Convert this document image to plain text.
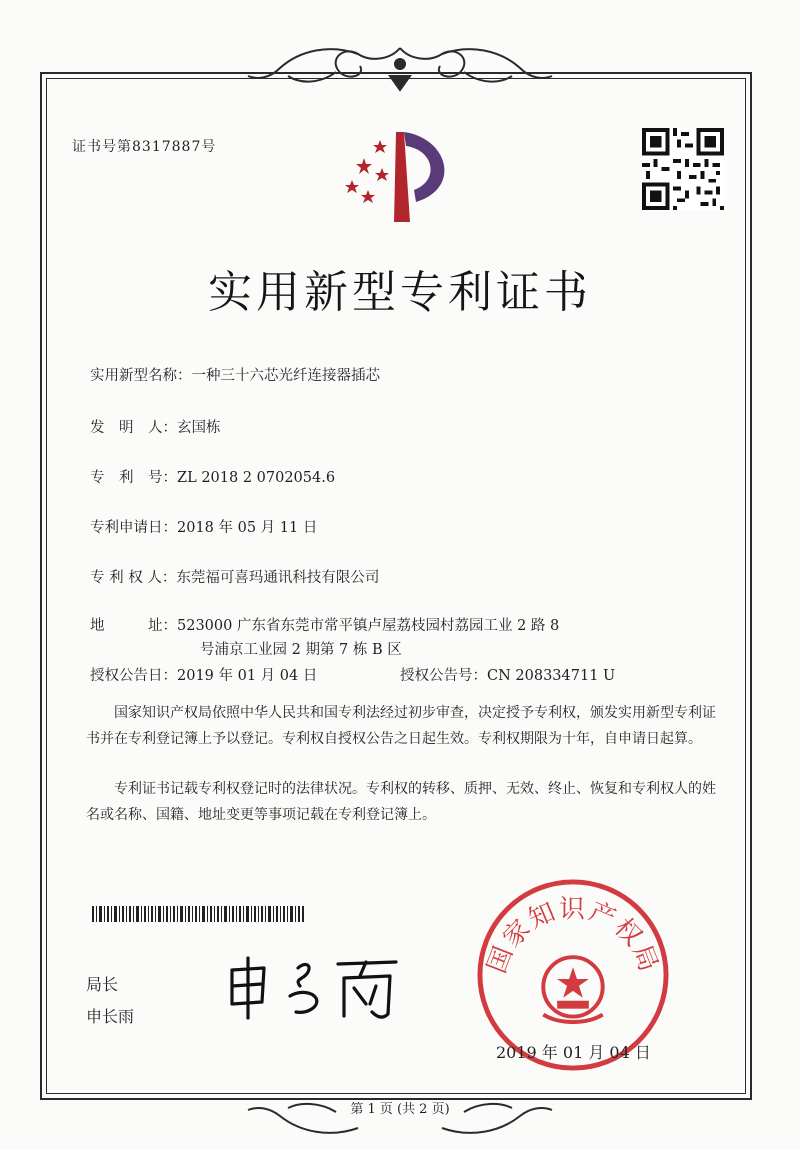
证书号第8317887号
实用新型专利证书
实用新型名称：一种三十六芯光纤连接器插芯
发　明　人：玄国栋
专　利　号：ZL 2018 2 0702054.6
专利申请日：2018 年 05 月 11 日
专 利 权 人：东莞福可喜玛通讯科技有限公司
地　　　址：523000 广东省东莞市常平镇卢屋荔枝园村荔园工业 2 路 8
号浦京工业园 2 期第 7 栋 B 区
授权公告日：2019 年 01 月 04 日	授权公告号：CN 208334711 U
国家知识产权局依照中华人民共和国专利法经过初步审查，决定授予专利权，颁发实用新型专利证书并在专利登记簿上予以登记。专利权自授权公告之日起生效。专利权期限为十年，自申请日起算。
专利证书记载专利权登记时的法律状况。专利权的转移、质押、无效、终止、恢复和专利权人的姓名或名称、国籍、地址变更等事项记载在专利登记簿上。
局长
申长雨
国家知识产权局
2019 年 01 月 04 日
第 1 页 (共 2 页)
